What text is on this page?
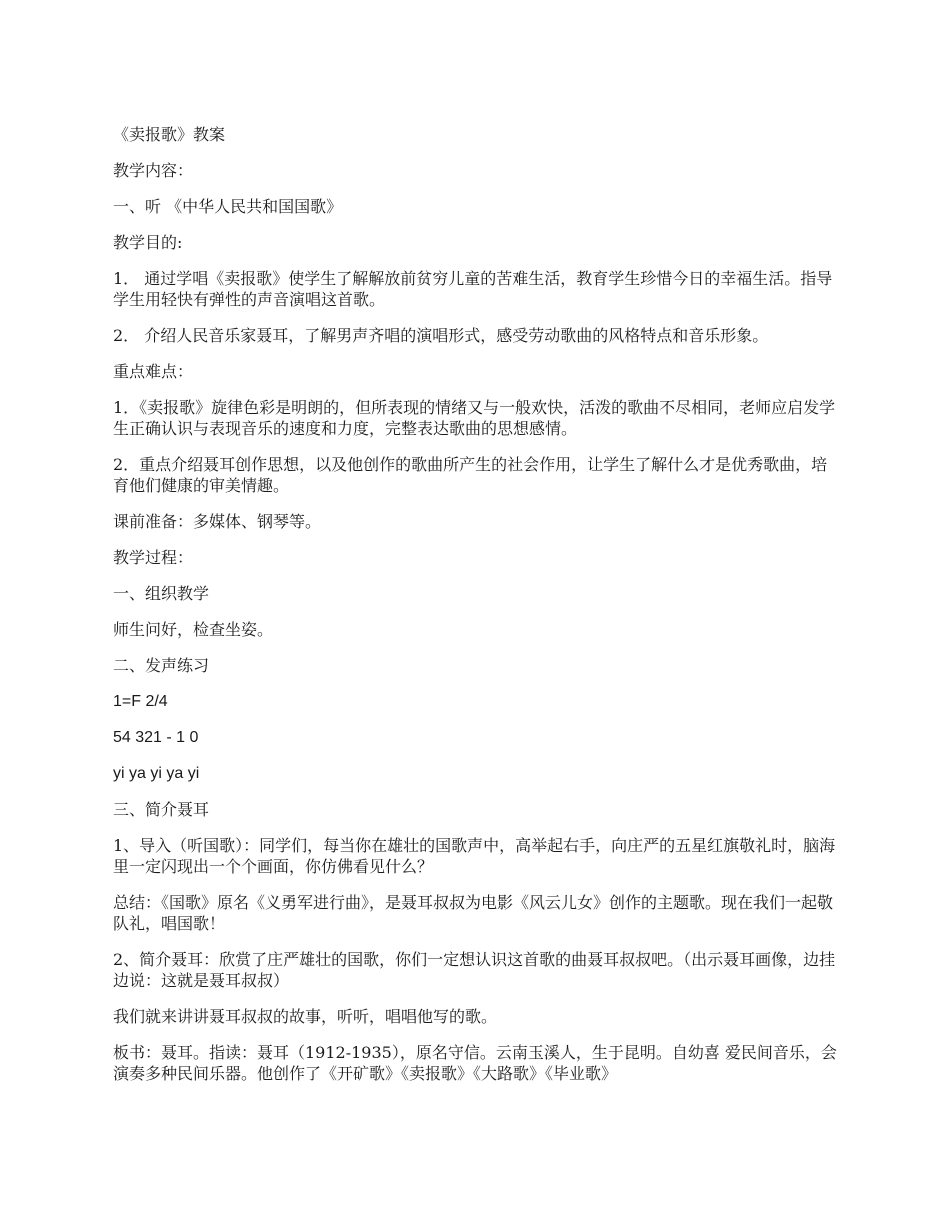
《卖报歌》教案

教学内容：

一、听 《中华人民共和国国歌》

教学目的:

1． 通过学唱《卖报歌》使学生了解解放前贫穷儿童的苦难生活，教育学生珍惜今日的幸福生活。指导学生用轻快有弹性的声音演唱这首歌。

2． 介绍人民音乐家聂耳，了解男声齐唱的演唱形式，感受劳动歌曲的风格特点和音乐形象。

重点难点：

1．《卖报歌》旋律色彩是明朗的，但所表现的情绪又与一般欢快，活泼的歌曲不尽相同，老师应启发学生正确认识与表现音乐的速度和力度，完整表达歌曲的思想感情。

2．重点介绍聂耳创作思想，以及他创作的歌曲所产生的社会作用，让学生了解什么才是优秀歌曲，培育他们健康的审美情趣。

课前准备：多媒体、钢琴等。

教学过程：

一、组织教学

师生问好，检查坐姿。

二、发声练习

1=F 2/4

54 321 - 1 0

yi ya yi ya yi

三、简介聂耳

1、导入（听国歌）：同学们，每当你在雄壮的国歌声中，高举起右手，向庄严的五星红旗敬礼时，脑海里一定闪现出一个个画面，你仿佛看见什么？

总结：《国歌》原名《义勇军进行曲》，是聂耳叔叔为电影《风云儿女》创作的主题歌。现在我们一起敬队礼，唱国歌！

2、简介聂耳：欣赏了庄严雄壮的国歌，你们一定想认识这首歌的曲聂耳叔叔吧。（出示聂耳画像，边挂边说：这就是聂耳叔叔）

我们就来讲讲聂耳叔叔的故事，听听，唱唱他写的歌。

板书：聂耳。指读：聂耳（1912-1935），原名守信。云南玉溪人，生于昆明。自幼喜 爱民间音乐，会演奏多种民间乐器。他创作了《开矿歌》《卖报歌》《大路歌》《毕业歌》
